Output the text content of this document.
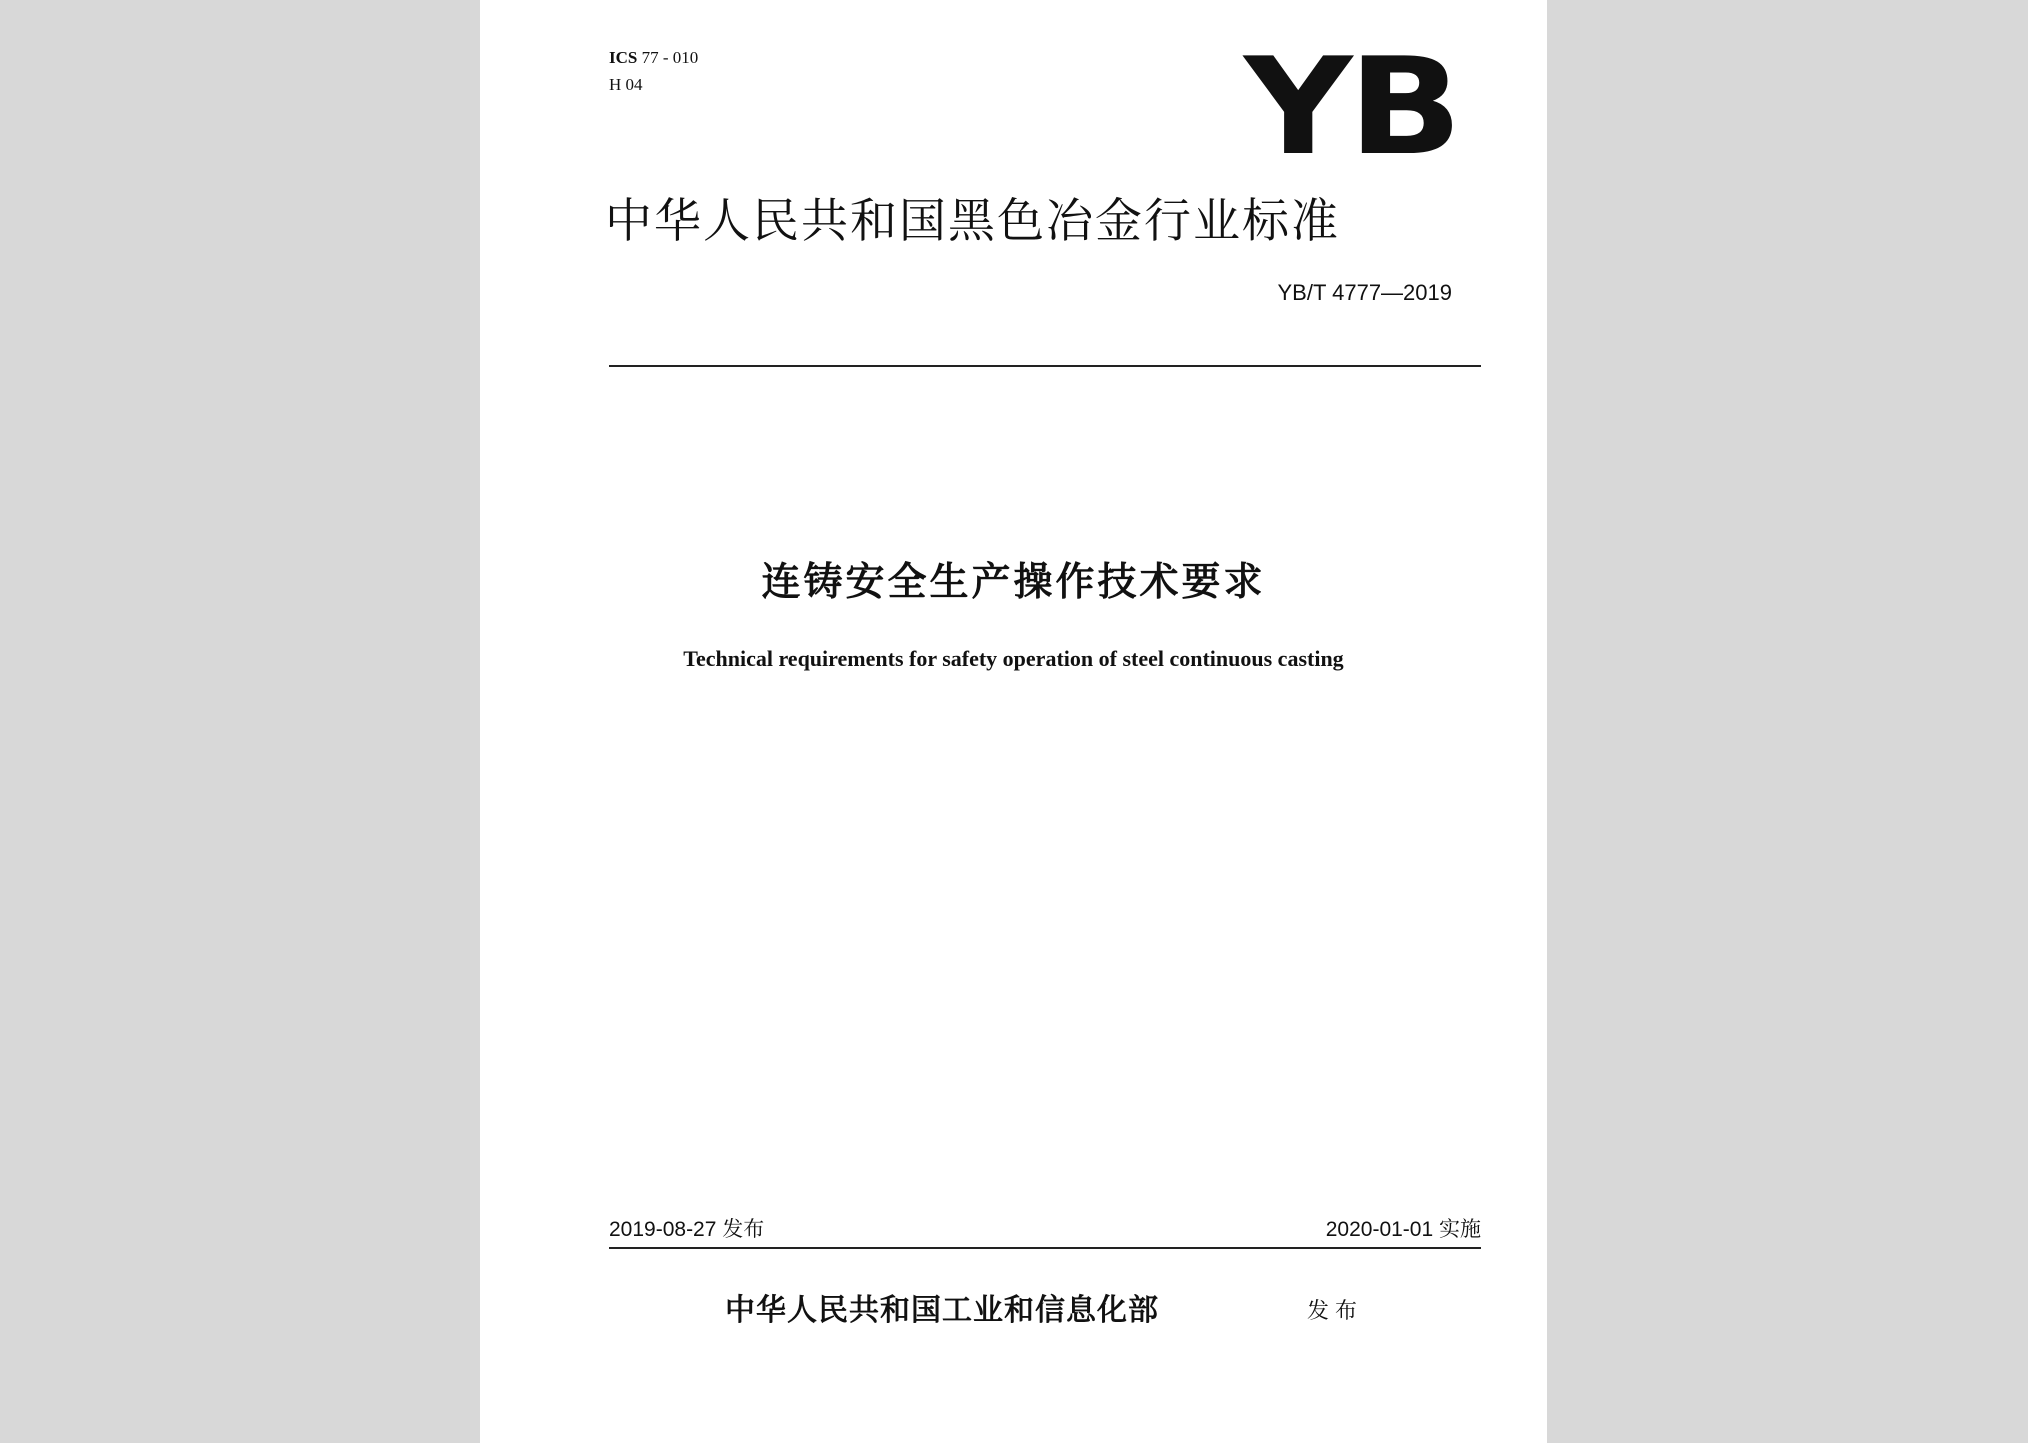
ICS 77 - 010
H 04	YB
中华人民共和国黑色冶金行业标准
YB/T 4777—2019
连铸安全生产操作技术要求
Technical requirements for safety operation of steel continuous casting
2019-08-27 发布	2020-01-01 实施
中华人民共和国工业和信息化部	发布
